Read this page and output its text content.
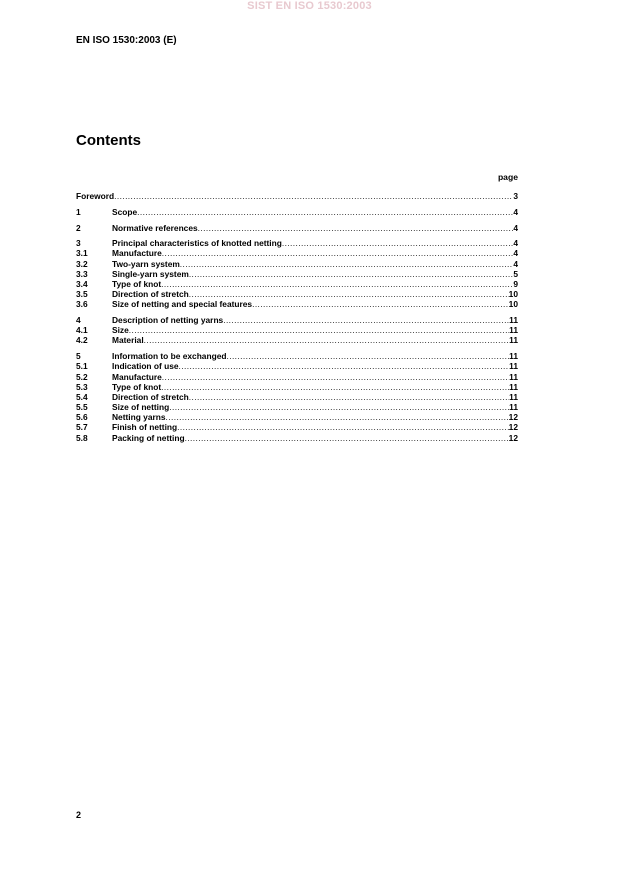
SIST EN ISO 1530:2003
EN ISO 1530:2003 (E)
Contents
page
Foreword .....	3
1	Scope .....	4
2	Normative references .....	4
3	Principal characteristics of knotted netting .....	4
3.1	Manufacture .....	4
3.2	Two-yarn system .....	4
3.3	Single-yarn system .....	5
3.4	Type of knot .....	9
3.5	Direction of stretch .....	10
3.6	Size of netting and special features .....	10
4	Description of netting yarns .....	11
4.1	Size .....	11
4.2	Material .....	11
5	Information to be exchanged .....	11
5.1	Indication of use .....	11
5.2	Manufacture .....	11
5.3	Type of knot .....	11
5.4	Direction of stretch .....	11
5.5	Size of netting .....	11
5.6	Netting yarns .....	12
5.7	Finish of netting .....	12
5.8	Packing of netting .....	12
2
